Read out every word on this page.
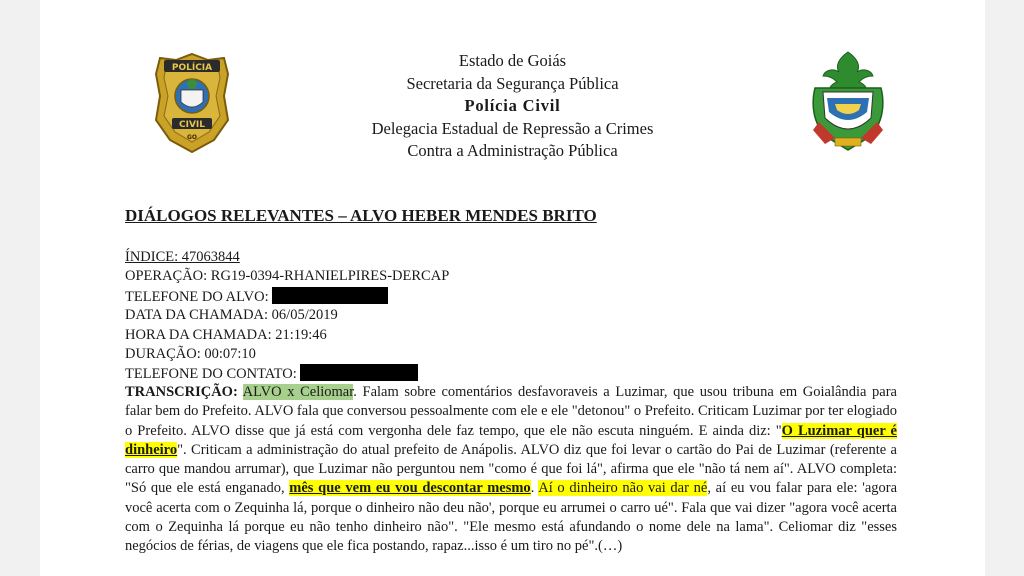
POLÍCIA
CIVIL
GO
Estado de Goiás
Secretaria da Segurança Pública
Polícia Civil
Delegacia Estadual de Repressão a Crimes
Contra a Administração Pública
DIÁLOGOS RELEVANTES – ALVO HEBER MENDES BRITO
ÍNDICE: 47063844
OPERAÇÃO: RG19-0394-RHANIELPIRES-DERCAP
TELEFONE DO ALVO:
DATA DA CHAMADA: 06/05/2019
HORA DA CHAMADA: 21:19:46
DURAÇÃO: 00:07:10
TELEFONE DO CONTATO:

TRANSCRIÇÃO: ALVO x Celiomar. Falam sobre comentários desfavoraveis a Luzimar, que usou tribuna em Goialândia para falar bem do Prefeito. ALVO fala que conversou pessoalmente com ele e ele "detonou" o Prefeito. Criticam Luzimar por ter elogiado o Prefeito. ALVO disse que já está com vergonha dele faz tempo, que ele não escuta ninguém. E ainda diz: "O Luzimar quer é dinheiro". Criticam a administração do atual prefeito de Anápolis. ALVO diz que foi levar o cartão do Pai de Luzimar (referente a carro que mandou arrumar), que Luzimar não perguntou nem "como é que foi lá", afirma que ele "não tá nem aí". ALVO completa: "Só que ele está enganado, mês que vem eu vou descontar mesmo. Aí o dinheiro não vai dar né, aí eu vou falar para ele: 'agora você acerta com o Zequinha lá, porque o dinheiro não deu não', porque eu arrumei o carro ué". Fala que vai dizer "agora você acerta com o Zequinha lá porque eu não tenho dinheiro não". "Ele mesmo está afundando o nome dele na lama". Celiomar diz "esses negócios de férias, de viagens que ele fica postando, rapaz...isso é um tiro no pé".(…)
